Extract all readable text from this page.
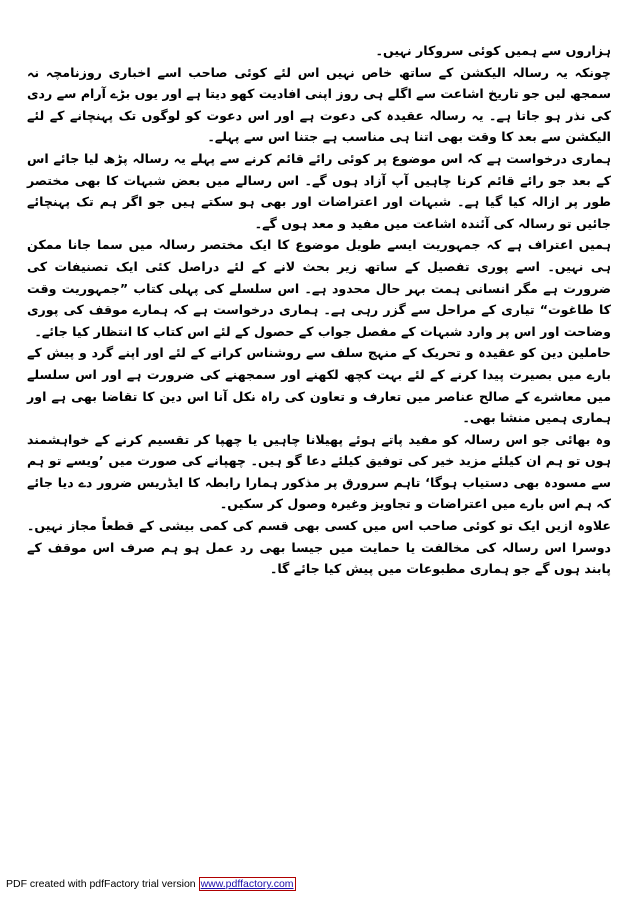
ہزاروں سے ہمیں کوئی سروکار نہیں۔

چونکہ یہ رسالہ الیکشن کے ساتھ خاص نہیں اس لئے کوئی صاحب اسے اخباری روزنامچہ نہ سمجھ لیں جو تاریخ اشاعت سے اگلے ہی روز اپنی افادیت کھو دیتا ہے اور یوں بڑے آرام سے ردی کی نذر ہو جاتا ہے۔ یہ رسالہ عقیدہ کی دعوت ہے اور اس دعوت کو لوگوں تک پہنچانے کے لئے الیکشن سے بعد کا وقت بھی اتنا ہی مناسب ہے جتنا اس سے پہلے۔

ہماری درخواست ہے کہ اس موضوع پر کوئی رائے قائم کرنے سے پہلے یہ رسالہ پڑھ لیا جائے اس کے بعد جو رائے قائم کرنا چاہیں آپ آزاد ہوں گے۔ اس رسالے میں بعض شبہات کا بھی مختصر طور پر ازالہ کیا گیا ہے۔ شبہات اور اعتراضات اور بھی ہو سکتے ہیں جو اگر ہم تک پہنچائے جائیں تو رسالہ کی آئندہ اشاعت میں مفید و معد ہوں گے۔

ہمیں اعتراف ہے کہ جمہوریت ایسے طویل موضوع کا ایک مختصر رسالہ میں سما جانا ممکن ہی نہیں۔ اسے پوری تفصیل کے ساتھ زیر بحث لانے کے لئے دراصل کئی ایک تصنیفات کی ضرورت ہے مگر انسانی ہمت بہر حال محدود ہے۔ اس سلسلے کی پہلی کتاب ”جمہوریت وقت کا طاغوت“ تیاری کے مراحل سے گزر رہی ہے۔ ہماری درخواست ہے کہ ہمارے موقف کی پوری وضاحت اور اس پر وارد شبہات کے مفصل جواب کے حصول کے لئے اس کتاب کا انتظار کیا جائے۔

حاملین دین کو عقیدہ و تحریک کے منہج سلف سے روشناس کرانے کے لئے اور اپنے گرد و پیش کے بارے میں بصیرت پیدا کرنے کے لئے بہت کچھ لکھنے اور سمجھنے کی ضرورت ہے اور اس سلسلے میں معاشرے کے صالح عناصر میں تعارف و تعاون کی راہ نکل آنا اس دین کا تقاضا بھی ہے اور ہماری ہمیں منشا بھی۔

وہ بھائی جو اس رسالہ کو مفید پاتے ہوئے پھیلانا چاہیں یا چھپا کر تقسیم کرنے کے خواہشمند ہوں تو ہم ان کیلئے مزید خیر کی توفیق کیلئے دعا گو ہیں۔ چھپانے کی صورت میں ’ویسے تو ہم سے مسودہ بھی دستیاب ہوگا‘ تاہم سرورق پر مذکور ہمارا رابطہ کا ایڈریس ضرور دے دیا جائے کہ ہم اس بارے میں اعتراضات و تجاویز وغیرہ وصول کر سکیں۔

علاوہ ازیں ایک تو کوئی صاحب اس میں کسی بھی قسم کی کمی بیشی کے قطعاً مجاز نہیں۔ دوسرا اس رسالہ کی مخالفت یا حمایت میں جیسا بھی رد عمل ہو ہم صرف اس موقف کے پابند ہوں گے جو ہماری مطبوعات میں پیش کیا جائے گا۔

PDF created with pdfFactory trial version www.pdffactory.com
